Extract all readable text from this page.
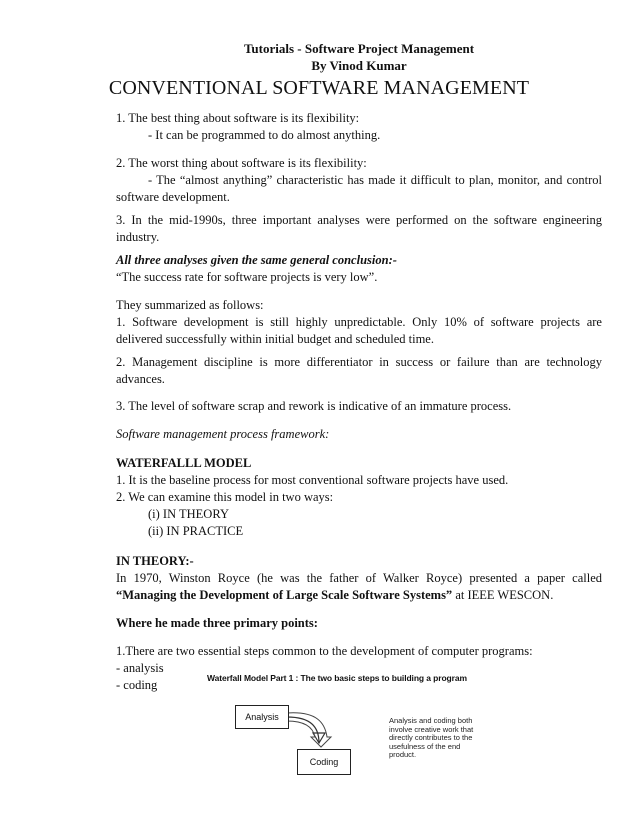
Tutorials - Software Project Management
By Vinod Kumar
CONVENTIONAL SOFTWARE MANAGEMENT

1. The best thing about software is its flexibility:

- It can be programmed to do almost anything.

2. The worst thing about software is its flexibility:

- The “almost anything” characteristic has made it difficult to plan, monitor, and control software development.

3. In the mid-1990s, three important analyses were performed on the software engineering industry.

All three analyses given the same general conclusion:-

“The success rate for software projects is very low”.

They summarized as follows:

1. Software development is still highly unpredictable. Only 10% of software projects are delivered successfully within initial budget and scheduled time.

2. Management discipline is more differentiator in success or failure than are technology advances.

3. The level of software scrap and rework is indicative of an immature process.

Software management process framework:

WATERFALLL MODEL

1. It is the baseline process for most conventional software projects have used.

2. We can examine this model in two ways:

(i) IN THEORY

(ii) IN PRACTICE

IN THEORY:-

In 1970, Winston Royce (he was the father of Walker Royce) presented a paper called

“Managing the Development of Large Scale Software Systems” at IEEE WESCON.

Where he made three primary points:

1.There are two essential steps common to the development of computer programs:

- analysis

- coding	Waterfall Model Part 1 : The two basic steps to building a program
Analysis
Coding
Analysis and coding both involve creative work that directly contributes to the usefulness of the end product.
